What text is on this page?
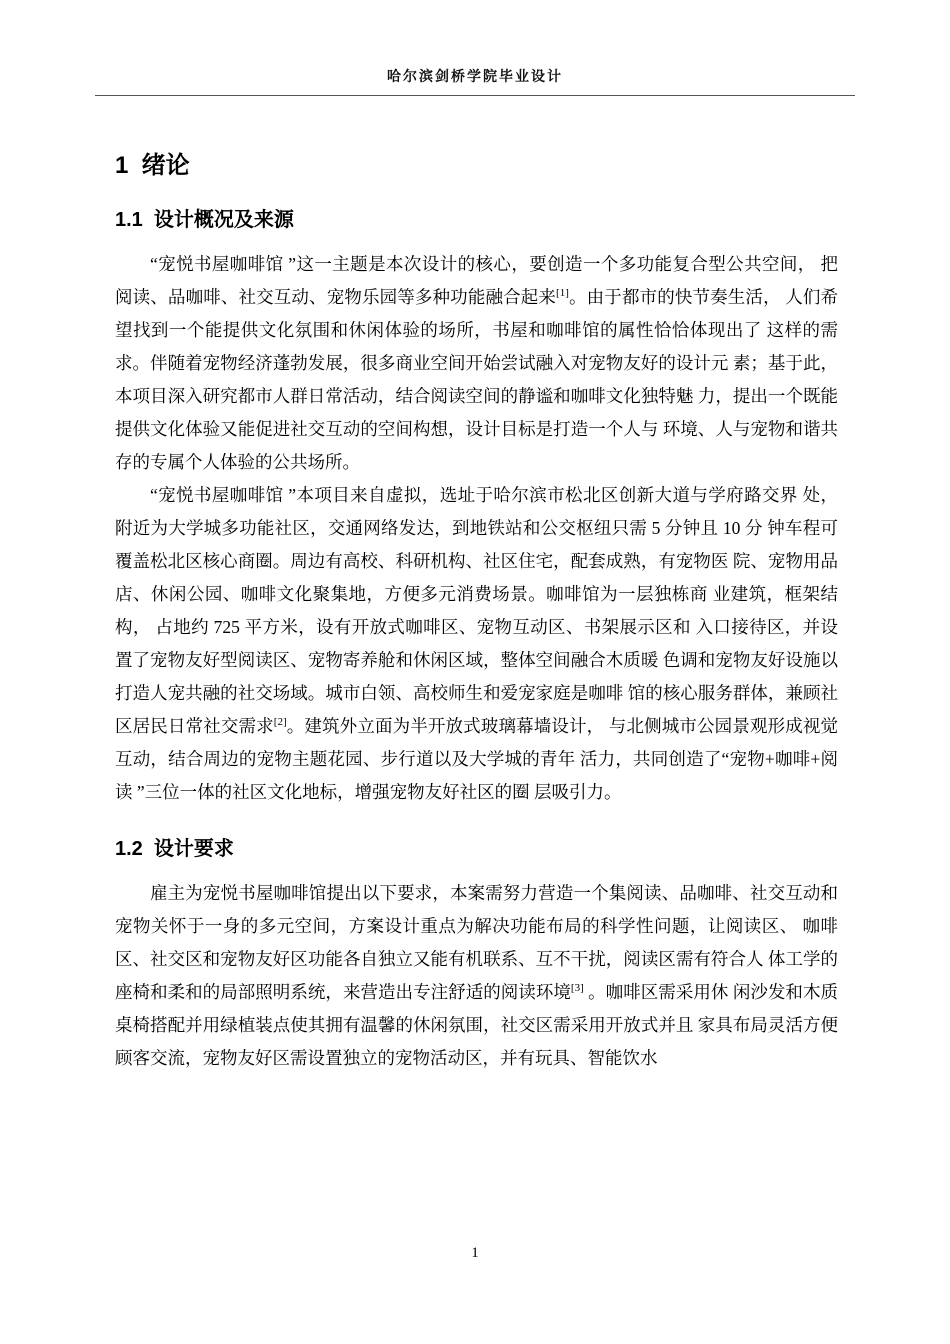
哈尔滨剑桥学院毕业设计
1  绪论
1.1  设计概况及来源

“宠悦书屋咖啡馆 ”这一主题是本次设计的核心，要创造一个多功能复合型公共空间， 把阅读、品咖啡、社交互动、宠物乐园等多种功能融合起来[1]。由于都市的快节奏生活， 人们希望找到一个能提供文化氛围和休闲体验的场所，书屋和咖啡馆的属性恰恰体现出了 这样的需求。伴随着宠物经济蓬勃发展，很多商业空间开始尝试融入对宠物友好的设计元 素；基于此，本项目深入研究都市人群日常活动，结合阅读空间的静谧和咖啡文化独特魅 力，提出一个既能提供文化体验又能促进社交互动的空间构想，设计目标是打造一个人与 环境、人与宠物和谐共存的专属个人体验的公共场所。

“宠悦书屋咖啡馆 ”本项目来自虚拟，选址于哈尔滨市松北区创新大道与学府路交界 处，附近为大学城多功能社区，交通网络发达，到地铁站和公交枢纽只需 5 分钟且 10 分 钟车程可覆盖松北区核心商圈。周边有高校、科研机构、社区住宅，配套成熟，有宠物医 院、宠物用品店、休闲公园、咖啡文化聚集地，方便多元消费场景。咖啡馆为一层独栋商 业建筑，框架结构， 占地约 725 平方米，设有开放式咖啡区、宠物互动区、书架展示区和 入口接待区，并设置了宠物友好型阅读区、宠物寄养舱和休闲区域，整体空间融合木质暖 色调和宠物友好设施以打造人宠共融的社交场域。城市白领、高校师生和爱宠家庭是咖啡 馆的核心服务群体，兼顾社区居民日常社交需求[2]。建筑外立面为半开放式玻璃幕墙设计， 与北侧城市公园景观形成视觉互动，结合周边的宠物主题花园、步行道以及大学城的青年 活力，共同创造了“宠物+咖啡+阅读 ”三位一体的社区文化地标，增强宠物友好社区的圈 层吸引力。

1.2  设计要求

雇主为宠悦书屋咖啡馆提出以下要求，本案需努力营造一个集阅读、品咖啡、社交互动和宠物关怀于一身的多元空间，方案设计重点为解决功能布局的科学性问题，让阅读区、 咖啡区、社交区和宠物友好区功能各自独立又能有机联系、互不干扰，阅读区需有符合人 体工学的座椅和柔和的局部照明系统，来营造出专注舒适的阅读环境[3] 。咖啡区需采用休 闲沙发和木质桌椅搭配并用绿植装点使其拥有温馨的休闲氛围，社交区需采用开放式并且 家具布局灵活方便顾客交流，宠物友好区需设置独立的宠物活动区，并有玩具、智能饮水

1
